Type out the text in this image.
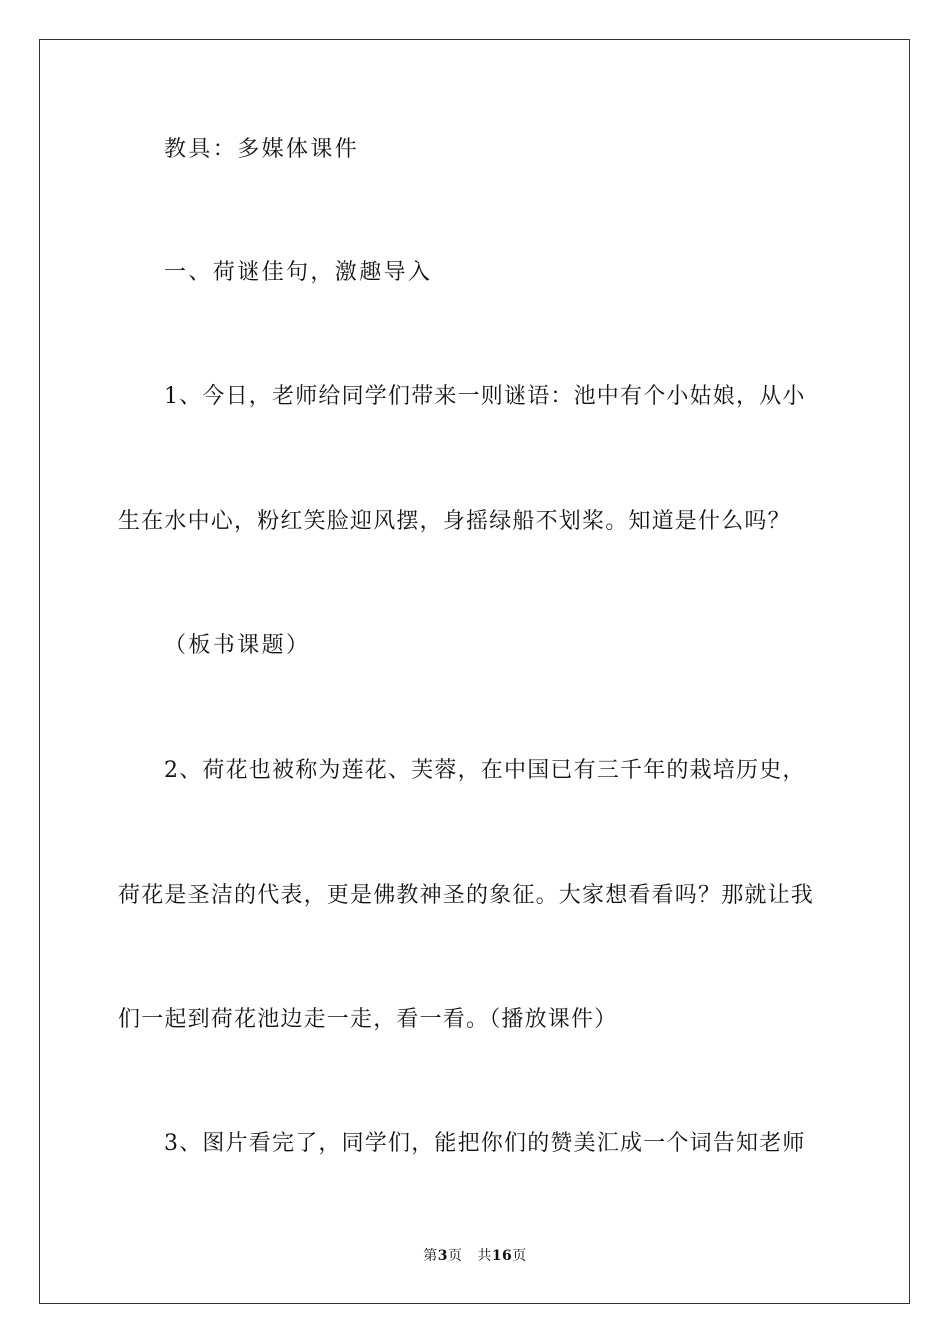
教具：多媒体课件
一、荷谜佳句，激趣导入
1、今日，老师给同学们带来一则谜语：池中有个小姑娘，从小
生在水中心，粉红笑脸迎风摆，身摇绿船不划桨。知道是什么吗？
（板书课题）
2、荷花也被称为莲花、芙蓉，在中国已有三千年的栽培历史，
荷花是圣洁的代表，更是佛教神圣的象征。大家想看看吗？那就让我
们一起到荷花池边走一走，看一看。（播放课件）
3、图片看完了，同学们，能把你们的赞美汇成一个词告知老师
第3页 共16页
